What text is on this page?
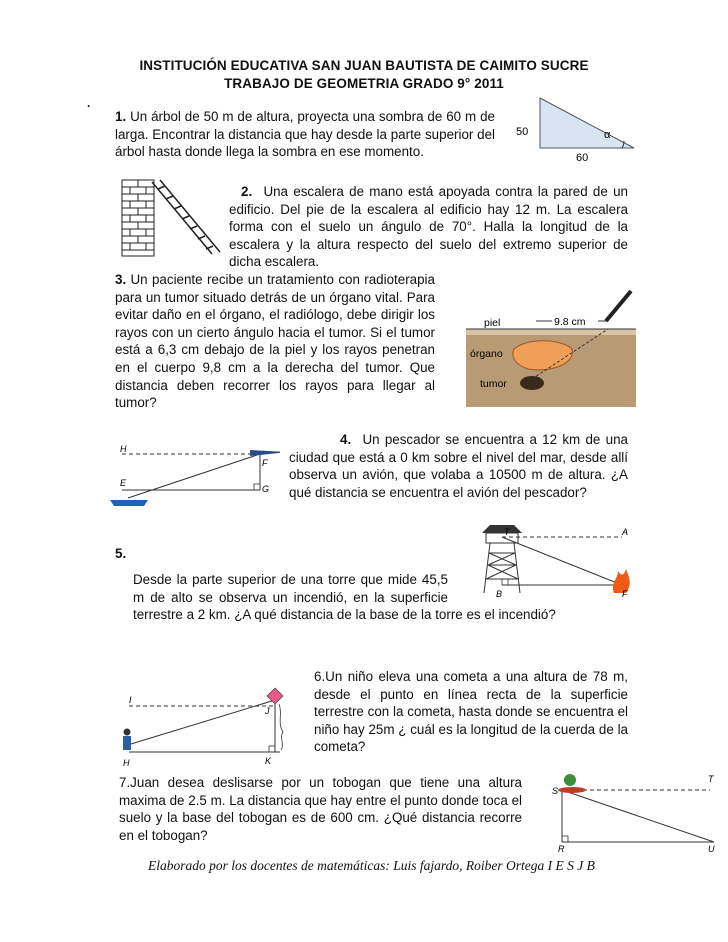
INSTITUCIÓN EDUCATIVA SAN JUAN BAUTISTA DE CAIMITO SUCRE
TRABAJO DE GEOMETRIA GRADO 9° 2011
.
1. Un árbol de 50 m de altura, proyecta una sombra de 60 m de larga. Encontrar la distancia que hay desde la parte superior del árbol hasta donde llega la sombra en ese momento.
50	α
60
2. Una escalera de mano está apoyada contra la pared de un edificio. Del pie de la escalera al edificio hay 12 m. La escalera forma con el suelo un ángulo de 70°. Halla la longitud de la escalera y la altura respecto del suelo del extremo superior de dicha escalera.
3. Un paciente recibe un tratamiento con radioterapia para un tumor situado detrás de un órgano vital. Para evitar daño en el órgano, el radiólogo, debe dirigir los rayos con un cierto ángulo hacia el tumor. Si el tumor está a 6,3 cm debajo de la piel y los rayos penetran en el cuerpo 9,8 cm a la derecha del tumor. Que distancia deben recorrer los rayos para llegar al tumor?
9.8 cm
piel
órgano
tumor
H
F
E
G
4. Un pescador se encuentra a 12 km de una ciudad que está a 0 km sobre el nivel del mar, desde allí observa un avión, que volaba a 10500 m de altura. ¿A qué distancia se encuentra el avión del pescador?
5.
Desde la parte superior de una torre que mide 45,5 m de alto se observa un incendió, en la superficie terrestre a 2 km. ¿A qué distancia de la base de la torre es el incendió?
T	A
B	F
I
J
H	K
6.Un niño eleva una cometa a una altura de 78 m, desde el punto en línea recta de la superficie terrestre con la cometa, hasta donde se encuentra el niño hay 25m ¿ cuál es la longitud de la cuerda de la cometa?
7.Juan desea deslisarse por un tobogan que tiene una altura maxima de 2.5 m. La distancia que hay entre el punto donde toca el suelo y la base del tobogan es de 600 cm. ¿Qué distancia recorre en el tobogan?
S
T
R	U
Elaborado por los docentes de matemáticas: Luis fajardo, Roiber Ortega I E S J B
